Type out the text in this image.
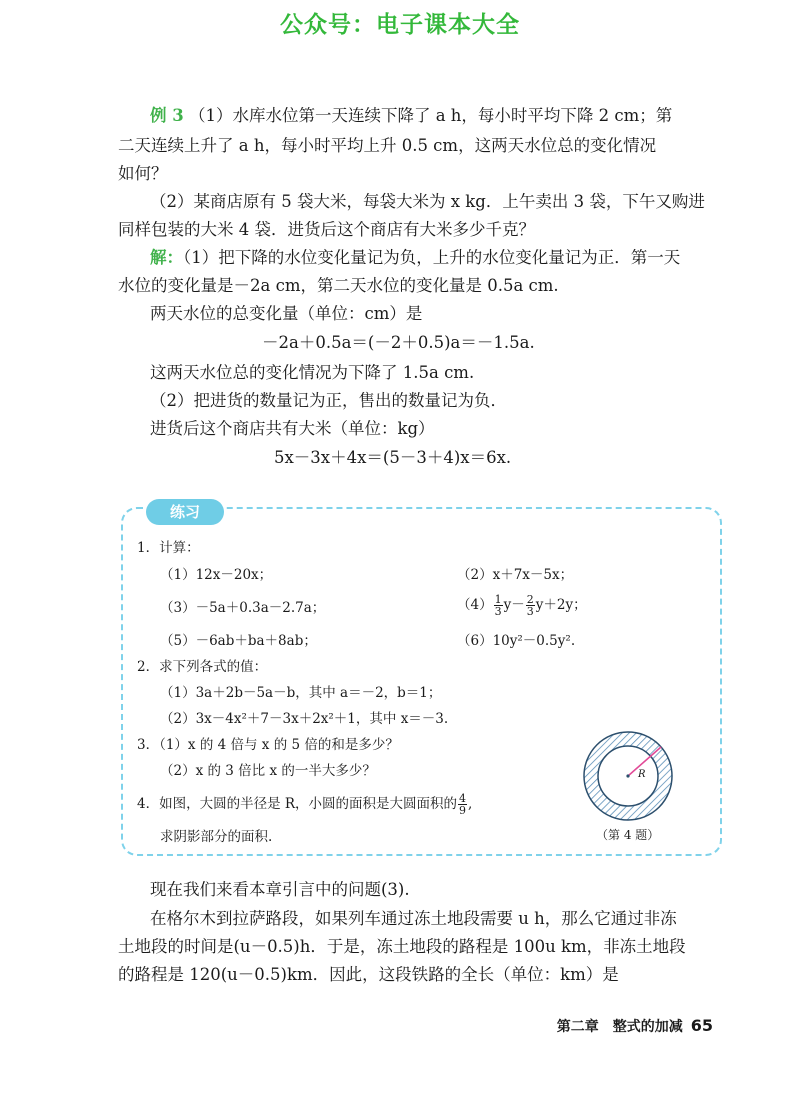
公众号：电子课本大全
例 3 （1）水库水位第一天连续下降了 a h，每小时平均下降 2 cm；第
二天连续上升了 a h，每小时平均上升 0.5 cm，这两天水位总的变化情况
如何？
（2）某商店原有 5 袋大米，每袋大米为 x kg．上午卖出 3 袋，下午又购进
同样包装的大米 4 袋．进货后这个商店有大米多少千克？
解：（1）把下降的水位变化量记为负，上升的水位变化量记为正．第一天
水位的变化量是－2a cm，第二天水位的变化量是 0.5a cm.
两天水位的总变化量（单位：cm）是
－2a＋0.5a＝(－2＋0.5)a＝－1.5a.
这两天水位总的变化情况为下降了 1.5a cm.
（2）把进货的数量记为正，售出的数量记为负．
进货后这个商店共有大米（单位：kg）
5x－3x＋4x＝(5－3＋4)x＝6x.
练习
1．计算：
（1）12x－20x；	（2）x＋7x－5x；
（3）－5a＋0.3a－2.7a；	$(4) \frac{1}{3} y- \frac{2}{3} y+2y$；
（5）－6ab＋ba＋8ab；	（6）10y²－0.5y².
2．求下列各式的值：
（1）3a＋2b－5a－b，其中 a＝－2，b＝1；
（2）3x－4x²＋7－3x＋2x²＋1，其中 x＝－3.
3．（1）x 的 4 倍与 x 的 5 倍的和是多少？
（2）x 的 3 倍比 x 的一半大多少？
4．如图，大圆的半径是 R，小圆的面积是大圆面积的 $\frac{4}{9}$ ,
求阴影部分的面积.
R
（第 4 题）
现在我们来看本章引言中的问题(3).
在格尔木到拉萨路段，如果列车通过冻土地段需要 u h，那么它通过非冻
土地段的时间是(u－0.5)h．于是，冻土地段的路程是 100u km，非冻土地段
的路程是 120(u－0.5)km．因此，这段铁路的全长（单位：km）是
第二章　整式的加减 65
